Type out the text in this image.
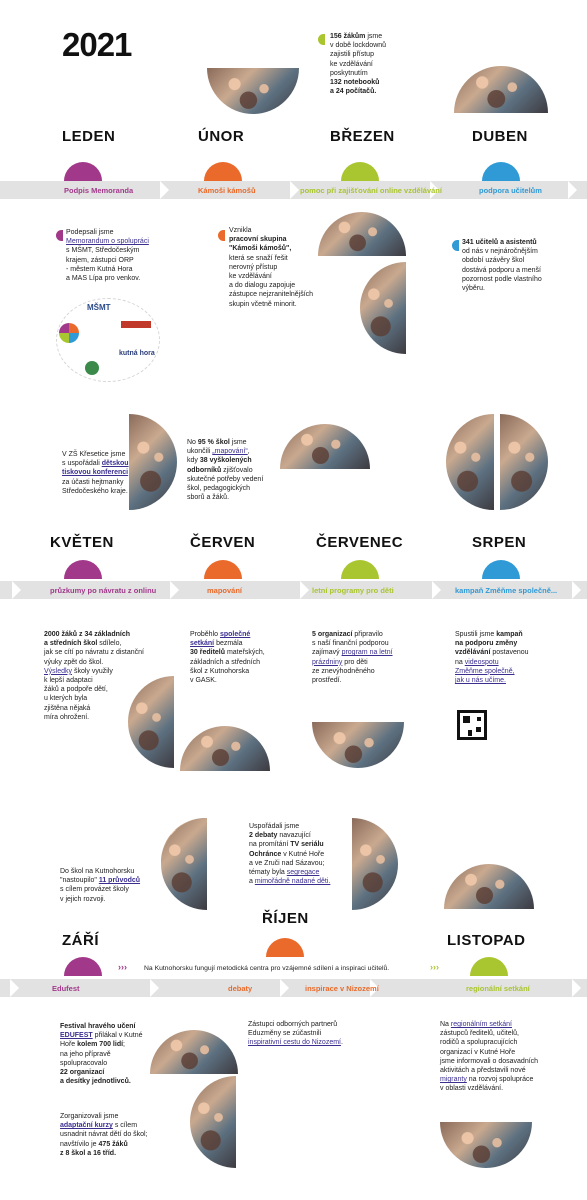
2021	156 žákům jsme
v době lockdownů
zajistili přístup
ke vzdělávání
poskytnutím
132 notebooků
a 24 počítačů.
LEDEN	ÚNOR	BŘEZEN	DUBEN
Podpis Memoranda	Kámoši kámošů	pomoc při zajišťování online vzdělávání	podpora učitelům
Podepsali jsme
Memorandum o spolupráci
s MŠMT, Středočeským
krajem, zástupci ORP
- městem Kutná Hora
a MAS Lípa pro venkov.
MŠMT
kutná hora
Vznikla
pracovní skupina
"Kámoši kámošů",
která se snaží řešit
nerovný přístup
ke vzdělávání
a do dialogu zapojuje
zástupce nejzranitelnějších
skupin včetně minorit.
341 učitelů a asistentů
od nás v nejnáročnějším
období uzávěry škol
dostává podporu a menší
pozornost podle vlastního
výběru.
V ZŠ Křesetice jsme
s uspořádali dětskou
tiskovou konferenci
za účasti hejtmanky
Středočeského kraje.
No 95 % škol jsme
ukončili „mapování“,
kdy 38 vyškolených
odborníků zjišťovalo
skutečné potřeby vedení
škol, pedagogických
sborů a žáků.
KVĚTEN	ČERVEN	ČERVENEC	SRPEN
průzkumy po návratu z onlinu	mapování	letní programy pro děti	kampaň Změňme společně...
2000 žáků z 34 základních
a středních škol sdílelo,
jak se cítí po návratu z distanční
výuky zpět do škol.
Výsledky školy využily
k lepší adaptaci
žáků a podpoře dětí,
u kterých byla
zjištěna nějaká
míra ohrožení.
Proběhlo společné
setkání bezmála
30 ředitelů mateřských,
základních a středních
škol z Kutnohorska
v GASK.
5 organizací připravilo
s naší finanční podporou
zajímavý program na letní
prázdniny pro děti
ze znevýhodněného
prostředí.
Spustili jsme kampaň
na podporu změny
vzdělávání postavenou
na videospotu
Změňme společně,
jak u nás učíme.
Do škol na Kutnohorsku
"nastoupilo" 11 průvodců
s cílem provázet školy
v jejich rozvoji.
Uspořádali jsme
2 debaty navazující
na promítání TV seriálu
Ochránce v Kutné Hoře
a ve Zruči nad Sázavou;
tématy byla segregace
a mimořádně nadané děti.
ZÁŘÍ
ŘÍJEN
LISTOPAD
›››	Na Kutnohorsku fungují metodická centra pro vzájemné sdílení a inspiraci učitelů.	›››
Edufest	debaty	inspirace v Nizozemí	regionální setkání
Festival hravého učení
EDUFEST přilákal v Kutné
Hoře kolem 700 lidí;
na jeho přípravě
spolupracovalo
22 organizací
a desítky jednotlivců.
Zorganizovali jsme
adaptační kurzy s cílem
usnadnit návrat dětí do škol;
navštívilo je 475 žáků
z 8 škol a 16 tříd.
Zástupci odborných partnerů
Eduzměny se zúčastnili
inspirativní cestu do Nizozemí.
Na regionálním setkání
zástupců ředitelů, učitelů,
rodičů a spolupracujících
organizací v Kutné Hoře
jsme informovali o dosavadních
aktivitách a představili nové
migranty na rozvoj spolupráce
v oblasti vzdělávání.
